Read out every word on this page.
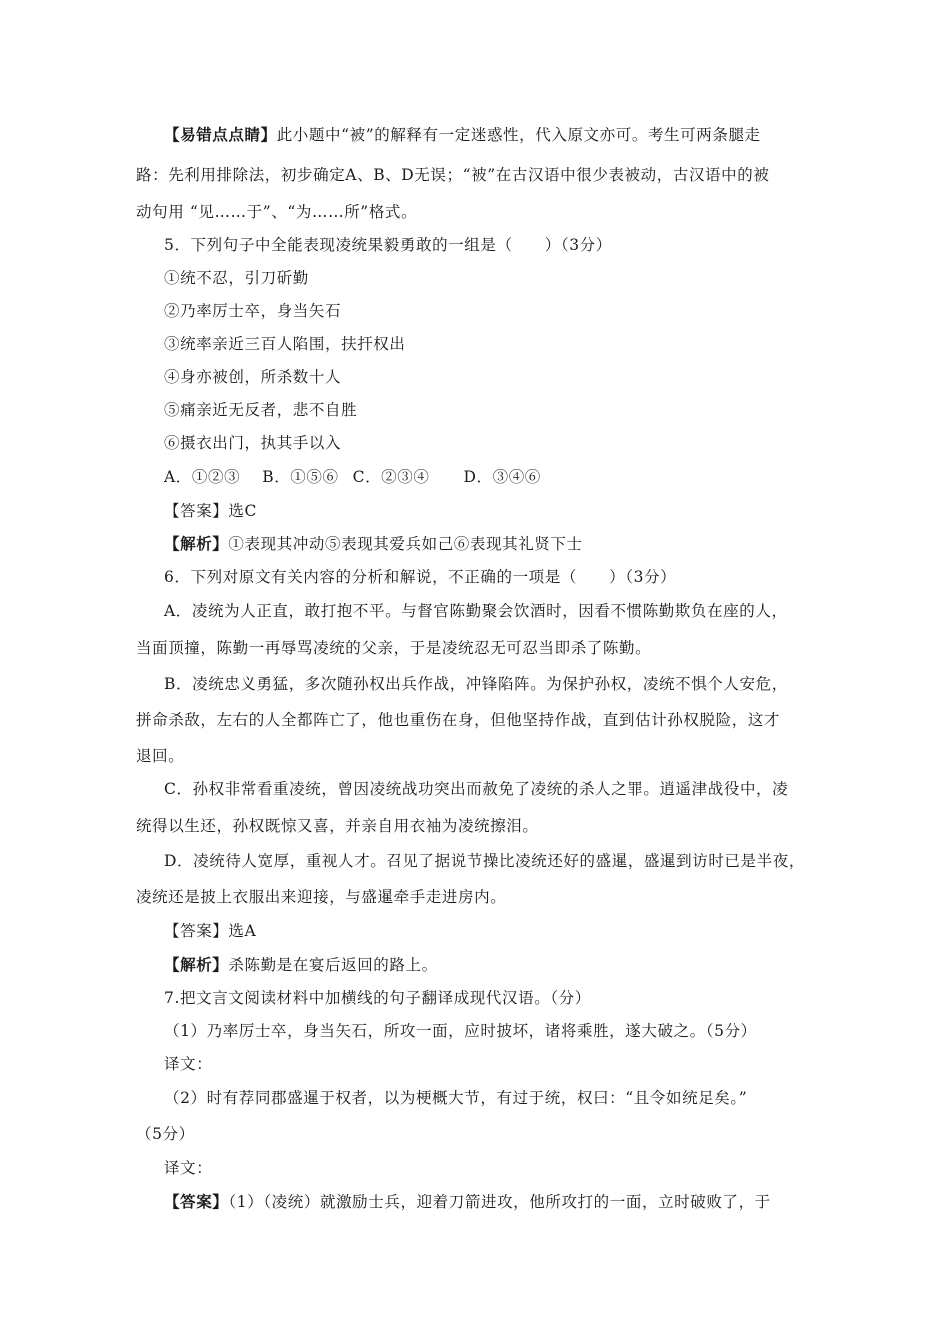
【易错点点睛】此小题中“被”的解释有一定迷惑性，代入原文亦可。考生可两条腿走
路：先利用排除法，初步确定A、B、D无误；“被”在古汉语中很少表被动，古汉语中的被
动句用 “见……于”、“为……所”格式。
5．下列句子中全能表现凌统果毅勇敢的一组是（　　）（3分）
①统不忍，引刀斫勤
②乃率厉士卒，身当矢石
③统率亲近三百人陷围，扶扞权出
④身亦被创，所杀数十人
⑤痛亲近无反者，悲不自胜
⑥摄衣出门，执其手以入
A．①②③ B．①⑤⑥ C．②③④ D．③④⑥
【答案】选C
【解析】①表现其冲动⑤表现其爱兵如己⑥表现其礼贤下士
6．下列对原文有关内容的分析和解说，不正确的一项是（　　）（3分）
A．凌统为人正直，敢打抱不平。与督官陈勤聚会饮酒时，因看不惯陈勤欺负在座的人，
当面顶撞，陈勤一再辱骂凌统的父亲，于是凌统忍无可忍当即杀了陈勤。
B．凌统忠义勇猛，多次随孙权出兵作战，冲锋陷阵。为保护孙权，凌统不惧个人安危，
拼命杀敌，左右的人全都阵亡了，他也重伤在身，但他坚持作战，直到估计孙权脱险，这才
退回。
C．孙权非常看重凌统，曾因凌统战功突出而赦免了凌统的杀人之罪。逍遥津战役中，凌
统得以生还，孙权既惊又喜，并亲自用衣袖为凌统擦泪。
D．凌统待人宽厚，重视人才。召见了据说节操比凌统还好的盛暹，盛暹到访时已是半夜，
凌统还是披上衣服出来迎接，与盛暹牵手走进房内。
【答案】选A
【解析】杀陈勤是在宴后返回的路上。
7.把文言文阅读材料中加横线的句子翻译成现代汉语。（分）
（1）乃率厉士卒，身当矢石，所攻一面，应时披坏，诸将乘胜，遂大破之。（5分）
译文：
（2）时有荐同郡盛暹于权者，以为梗概大节，有过于统，权曰：“且令如统足矣。”
（5分）
译文：
【答案】（1）（凌统）就激励士兵，迎着刀箭进攻，他所攻打的一面，立时破败了，于
